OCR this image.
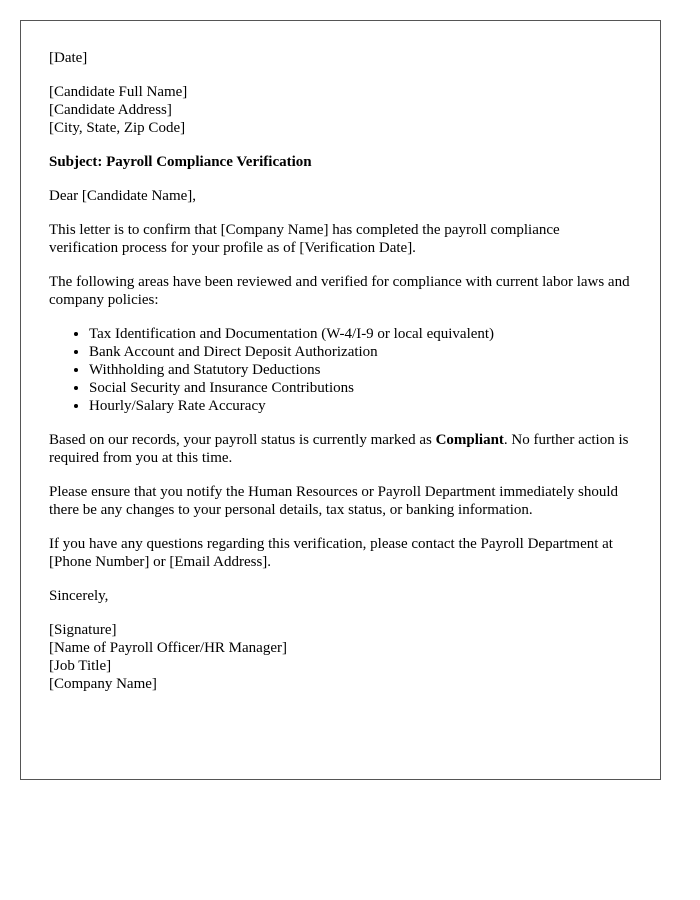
[Date]

[Candidate Full Name]
[Candidate Address]
[City, State, Zip Code]

Subject: Payroll Compliance Verification

Dear [Candidate Name],

This letter is to confirm that [Company Name] has completed the payroll compliance verification process for your profile as of [Verification Date].

The following areas have been reviewed and verified for compliance with current labor laws and company policies:

• Tax Identification and Documentation (W-4/I-9 or local equivalent)
• Bank Account and Direct Deposit Authorization
• Withholding and Statutory Deductions
• Social Security and Insurance Contributions
• Hourly/Salary Rate Accuracy

Based on our records, your payroll status is currently marked as Compliant. No further action is required from you at this time.

Please ensure that you notify the Human Resources or Payroll Department immediately should there be any changes to your personal details, tax status, or banking information.

If you have any questions regarding this verification, please contact the Payroll Department at [Phone Number] or [Email Address].

Sincerely,

[Signature]
[Name of Payroll Officer/HR Manager]
[Job Title]
[Company Name]
